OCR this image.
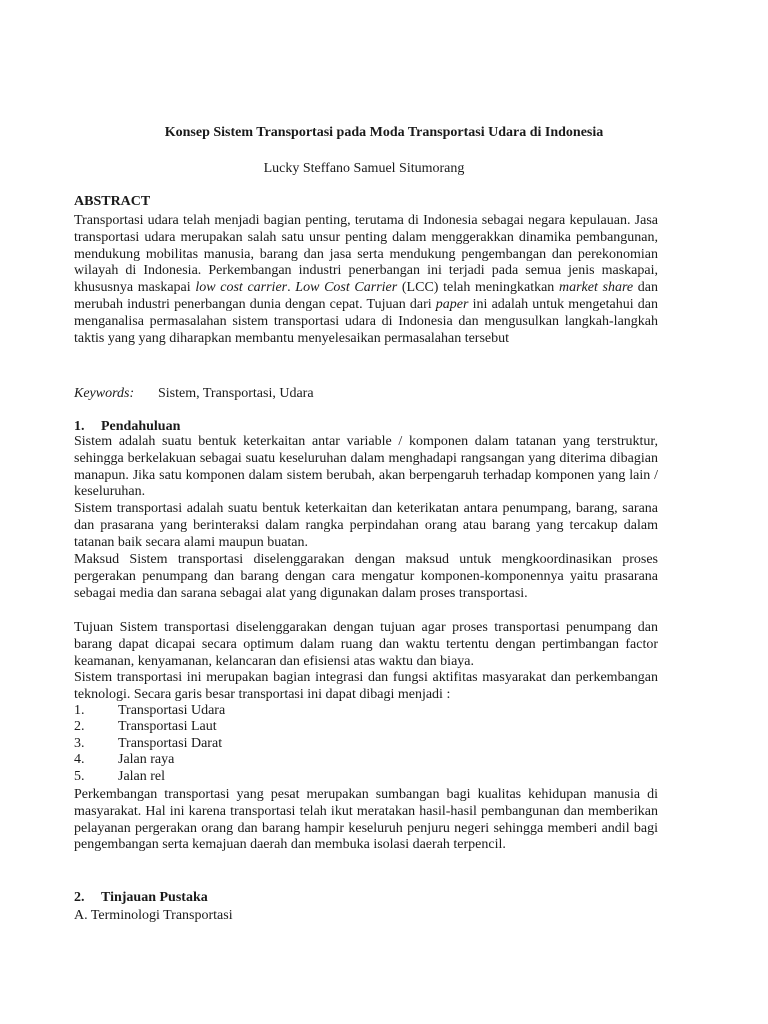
Konsep Sistem Transportasi pada Moda Transportasi Udara di Indonesia
Lucky Steffano Samuel Situmorang
ABSTRACT
Transportasi udara telah menjadi bagian penting, terutama di Indonesia sebagai negara kepulauan. Jasa transportasi udara merupakan salah satu unsur penting dalam menggerakkan dinamika pembangunan, mendukung mobilitas manusia, barang dan jasa serta mendukung pengembangan dan perekonomian wilayah di Indonesia. Perkembangan industri penerbangan ini terjadi pada semua jenis maskapai, khususnya maskapai low cost carrier. Low Cost Carrier (LCC) telah meningkatkan market share dan merubah industri penerbangan dunia dengan cepat. Tujuan dari paper ini adalah untuk mengetahui dan menganalisa permasalahan sistem transportasi udara di Indonesia dan mengusulkan langkah-langkah taktis yang yang diharapkan membantu menyelesaikan permasalahan tersebut
Keywords: Sistem, Transportasi, Udara
1. Pendahuluan
Sistem adalah suatu bentuk keterkaitan antar variable / komponen dalam tatanan yang terstruktur, sehingga berkelakuan sebagai suatu keseluruhan dalam menghadapi rangsangan yang diterima dibagian manapun. Jika satu komponen dalam sistem berubah, akan berpengaruh terhadap komponen yang lain / keseluruhan.
Sistem transportasi adalah suatu bentuk keterkaitan dan keterikatan antara penumpang, barang, sarana dan prasarana yang berinteraksi dalam rangka perpindahan orang atau barang yang tercakup dalam tatanan baik secara alami maupun buatan.
Maksud Sistem transportasi diselenggarakan dengan maksud untuk mengkoordinasikan proses pergerakan penumpang dan barang dengan cara mengatur komponen-komponennya yaitu prasarana sebagai media dan sarana sebagai alat yang digunakan dalam proses transportasi.
Tujuan Sistem transportasi diselenggarakan dengan tujuan agar proses transportasi penumpang dan barang dapat dicapai secara optimum dalam ruang dan waktu tertentu dengan pertimbangan factor keamanan, kenyamanan, kelancaran dan efisiensi atas waktu dan biaya.
Sistem transportasi ini merupakan bagian integrasi dan fungsi aktifitas masyarakat dan perkembangan teknologi. Secara garis besar transportasi ini dapat dibagi menjadi :
1. Transportasi Udara
2. Transportasi Laut
3. Transportasi Darat
4. Jalan raya
5. Jalan rel
Perkembangan transportasi yang pesat merupakan sumbangan bagi kualitas kehidupan manusia di masyarakat. Hal ini karena transportasi telah ikut meratakan hasil-hasil pembangunan dan memberikan pelayanan pergerakan orang dan barang hampir keseluruh penjuru negeri sehingga memberi andil bagi pengembangan serta kemajuan daerah dan membuka isolasi daerah terpencil.
2. Tinjauan Pustaka
A. Terminologi Transportasi
